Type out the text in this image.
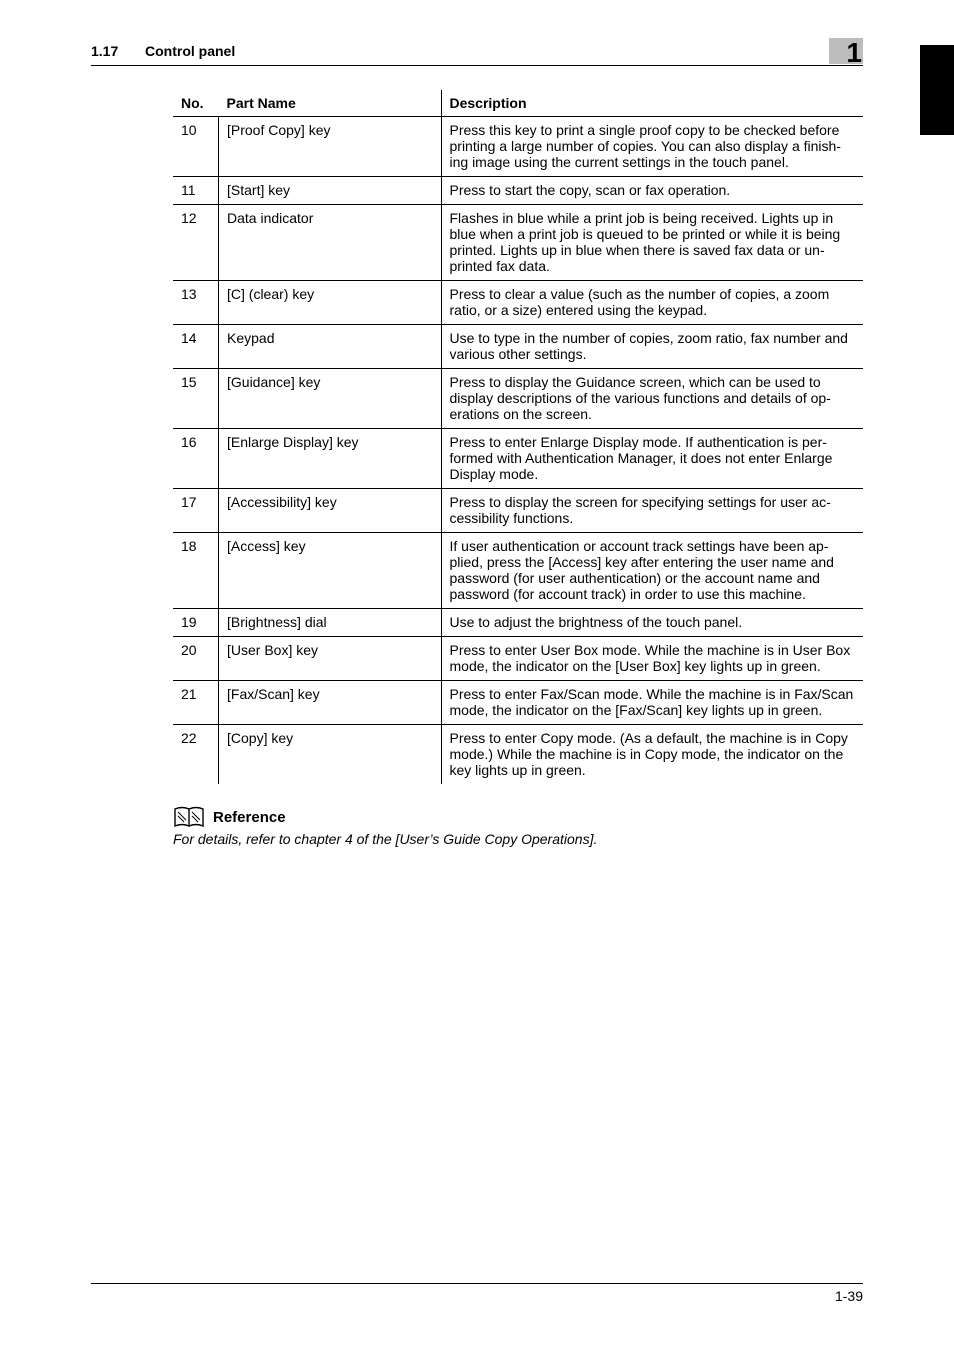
1.17 Control panel	1
No.	Part Name	Description
10	[Proof Copy] key	Press this key to print a single proof copy to be checked before printing a large number of copies. You can also display a finish-ing image using the current settings in the touch panel.
11	[Start] key	Press to start the copy, scan or fax operation.
12	Data indicator	Flashes in blue while a print job is being received. Lights up in blue when a print job is queued to be printed or while it is being printed. Lights up in blue when there is saved fax data or un-printed fax data.
13	[C] (clear) key	Press to clear a value (such as the number of copies, a zoom ratio, or a size) entered using the keypad.
14	Keypad	Use to type in the number of copies, zoom ratio, fax number and various other settings.
15	[Guidance] key	Press to display the Guidance screen, which can be used to display descriptions of the various functions and details of op-erations on the screen.
16	[Enlarge Display] key	Press to enter Enlarge Display mode. If authentication is per-formed with Authentication Manager, it does not enter Enlarge Display mode.
17	[Accessibility] key	Press to display the screen for specifying settings for user ac-cessibility functions.
18	[Access] key	If user authentication or account track settings have been ap-plied, press the [Access] key after entering the user name and password (for user authentication) or the account name and password (for account track) in order to use this machine.
19	[Brightness] dial	Use to adjust the brightness of the touch panel.
20	[User Box] key	Press to enter User Box mode. While the machine is in User Box mode, the indicator on the [User Box] key lights up in green.
21	[Fax/Scan] key	Press to enter Fax/Scan mode. While the machine is in Fax/Scan mode, the indicator on the [Fax/Scan] key lights up in green.
22	[Copy] key	Press to enter Copy mode. (As a default, the machine is in Copy mode.) While the machine is in Copy mode, the indicator on the key lights up in green.
Reference
For details, refer to chapter 4 of the [User’s Guide Copy Operations].
1-39
